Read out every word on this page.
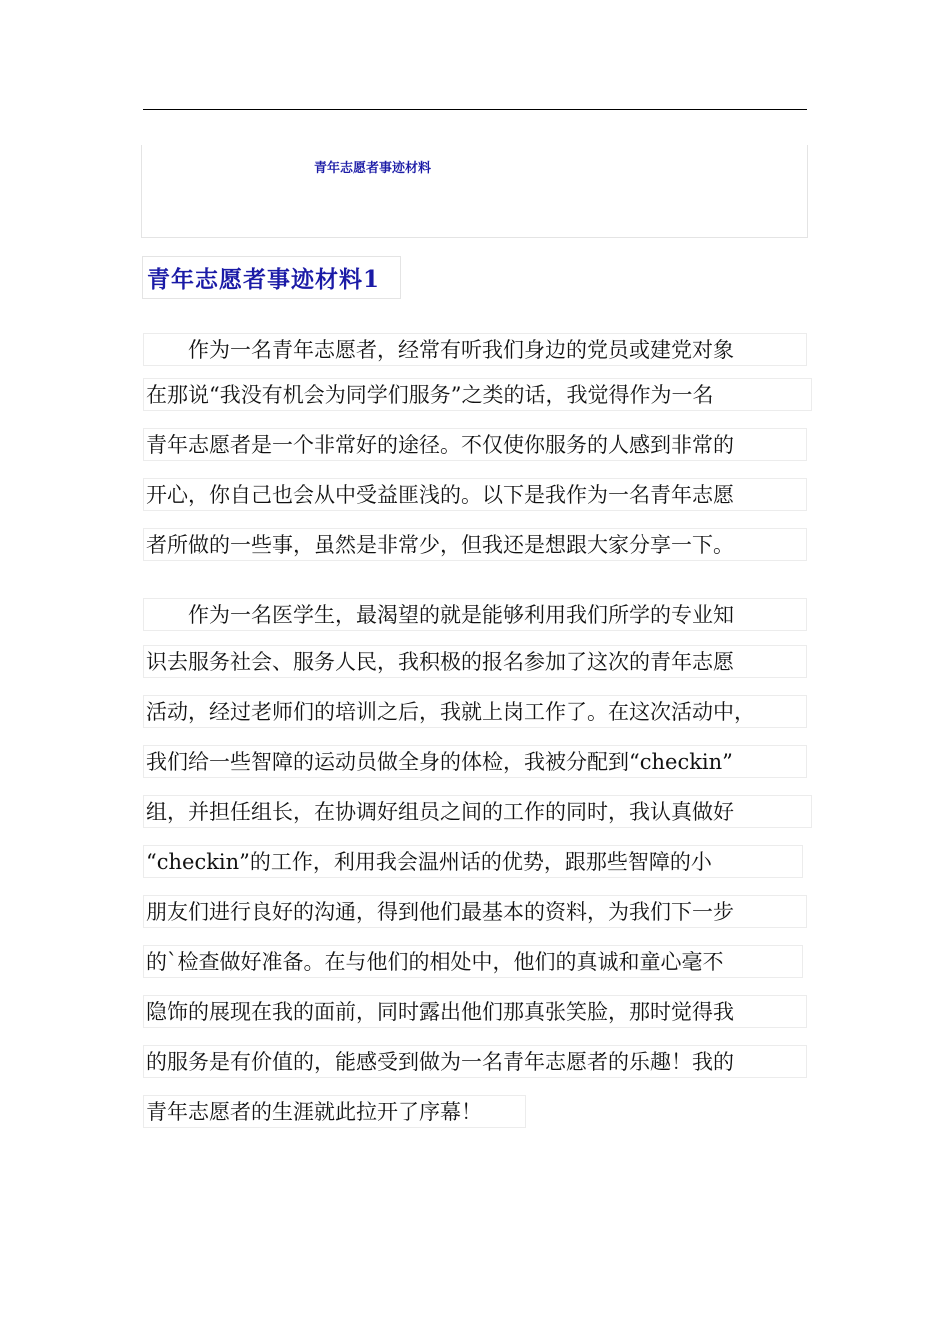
青年志愿者事迹材料
青年志愿者事迹材料1
　　作为一名青年志愿者，经常有听我们身边的党员或建党对象
在那说“我没有机会为同学们服务”之类的话，我觉得作为一名
青年志愿者是一个非常好的途径。不仅使你服务的人感到非常的
开心，你自己也会从中受益匪浅的。以下是我作为一名青年志愿
者所做的一些事，虽然是非常少，但我还是想跟大家分享一下。
　　作为一名医学生，最渴望的就是能够利用我们所学的专业知
识去服务社会、服务人民，我积极的报名参加了这次的青年志愿
活动，经过老师们的培训之后，我就上岗工作了。在这次活动中，
我们给一些智障的运动员做全身的体检，我被分配到“checkin”
组，并担任组长，在协调好组员之间的工作的同时，我认真做好
“checkin”的工作，利用我会温州话的优势，跟那些智障的小
朋友们进行良好的沟通，得到他们最基本的资料，为我们下一步
的`检查做好准备。在与他们的相处中，他们的真诚和童心毫不
隐饰的展现在我的面前，同时露出他们那真张笑脸，那时觉得我
的服务是有价值的，能感受到做为一名青年志愿者的乐趣！我的
青年志愿者的生涯就此拉开了序幕！
